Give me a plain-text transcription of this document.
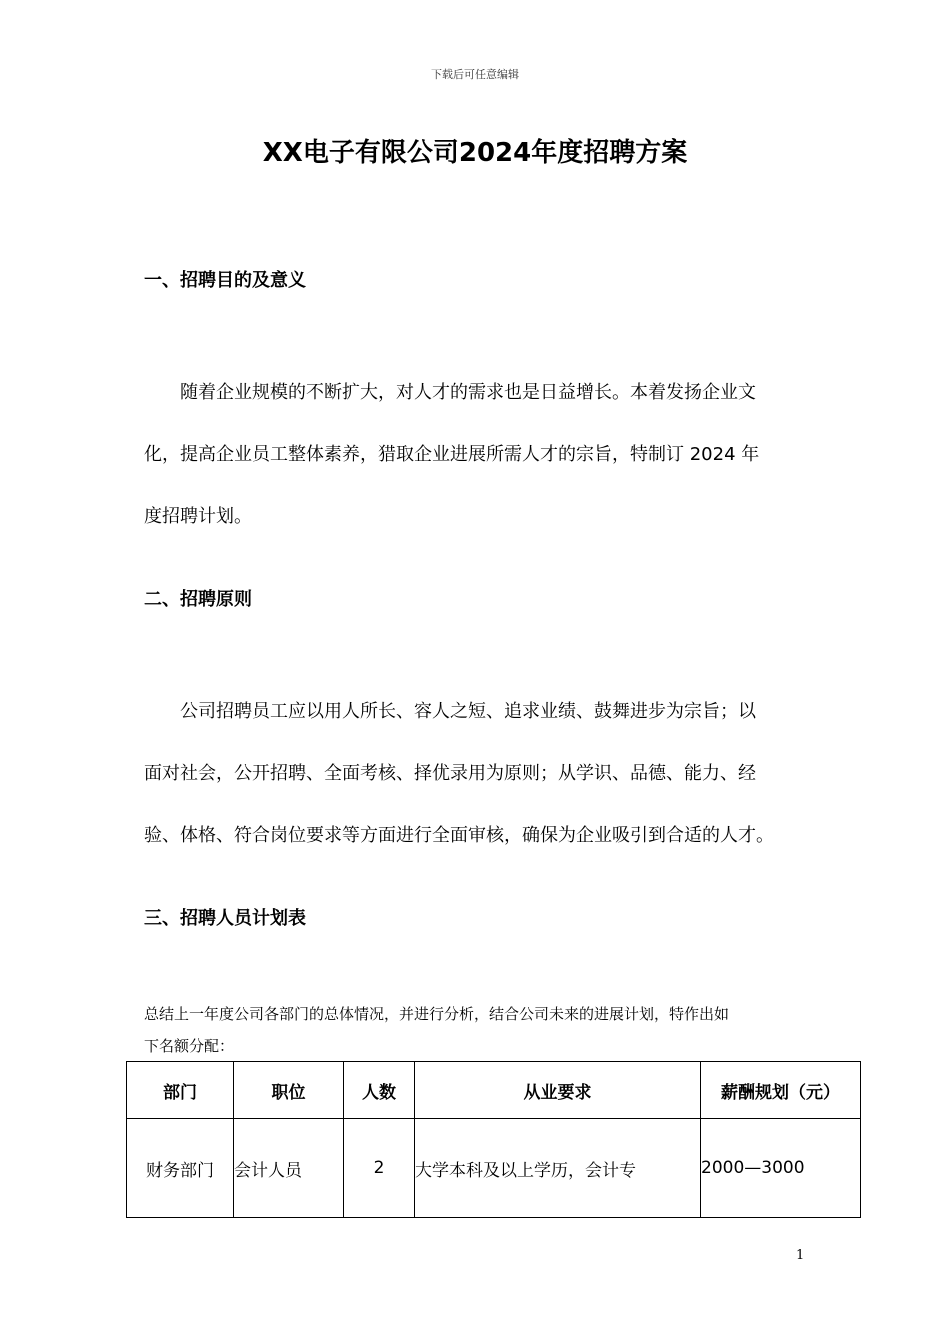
下载后可任意编辑
XX电子有限公司2024年度招聘方案
一、招聘目的及意义
随着企业规模的不断扩大，对人才的需求也是日益增长。本着发扬企业文
化，提高企业员工整体素养，猎取企业进展所需人才的宗旨，特制订 2024 年
度招聘计划。
二、招聘原则
公司招聘员工应以用人所长、容人之短、追求业绩、鼓舞进步为宗旨；以
面对社会，公开招聘、全面考核、择优录用为原则；从学识、品德、能力、经
验、体格、符合岗位要求等方面进行全面审核，确保为企业吸引到合适的人才。
三、招聘人员计划表
总结上一年度公司各部门的总体情况，并进行分析，结合公司未来的进展计划，特作出如
下名额分配：
部门	职位	人数	从业要求	薪酬规划（元）
财务部门	会计人员	2	大学本科及以上学历，会计专	2000—3000
1
